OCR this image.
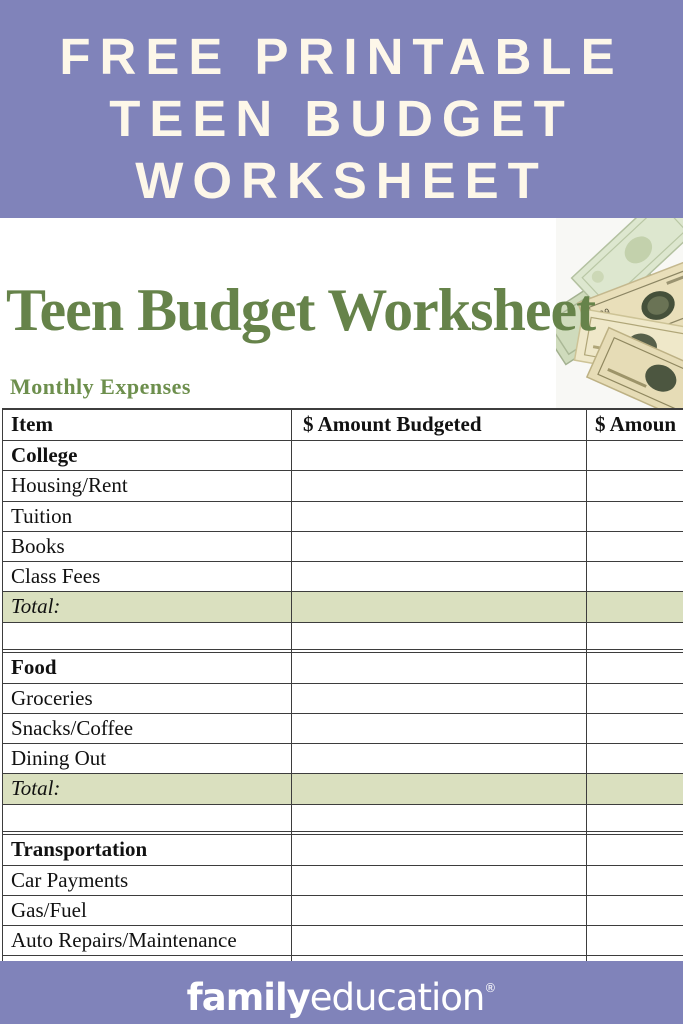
FREE PRINTABLE
TEEN BUDGET
WORKSHEET
Teen Budget Worksheet
Monthly Expenses
Item	$ Amount Budgeted	$ Amoun
College
Housing/Rent
Tuition
Books
Class Fees
Total:
Food
Groceries
Snacks/Coffee
Dining Out
Total:
Transportation
Car Payments
Gas/Fuel
Auto Repairs/Maintenance
familyeducation®
